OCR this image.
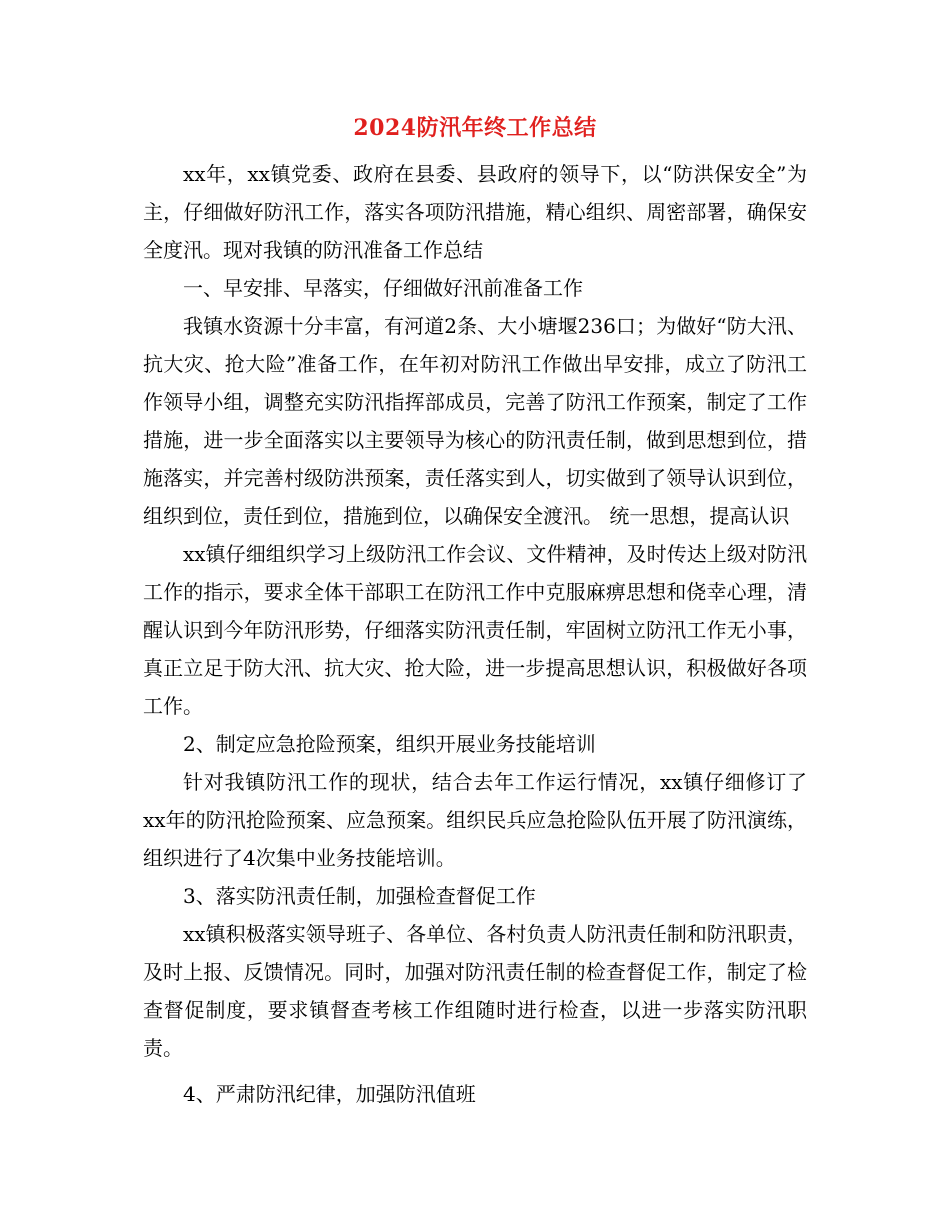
2024防汛年终工作总结

xx年，xx镇党委、政府在县委、县政府的领导下，以“防洪保安全”为主，仔细做好防汛工作，落实各项防汛措施，精心组织、周密部署，确保安全度汛。现对我镇的防汛准备工作总结

一、早安排、早落实，仔细做好汛前准备工作

我镇水资源十分丰富，有河道2条、大小塘堰236口；为做好“防大汛、抗大灾、抢大险”准备工作，在年初对防汛工作做出早安排，成立了防汛工作领导小组，调整充实防汛指挥部成员，完善了防汛工作预案，制定了工作措施，进一步全面落实以主要领导为核心的防汛责任制，做到思想到位，措施落实，并完善村级防洪预案，责任落实到人，切实做到了领导认识到位，组织到位，责任到位，措施到位，以确保安全渡汛。 统一思想，提高认识

xx镇仔细组织学习上级防汛工作会议、文件精神，及时传达上级对防汛工作的指示，要求全体干部职工在防汛工作中克服麻痹思想和侥幸心理，清醒认识到今年防汛形势，仔细落实防汛责任制，牢固树立防汛工作无小事，真正立足于防大汛、抗大灾、抢大险，进一步提高思想认识，积极做好各项工作。

2、制定应急抢险预案，组织开展业务技能培训

针对我镇防汛工作的现状，结合去年工作运行情况，xx镇仔细修订了xx年的防汛抢险预案、应急预案。组织民兵应急抢险队伍开展了防汛演练，组织进行了4次集中业务技能培训。

3、落实防汛责任制，加强检查督促工作

xx镇积极落实领导班子、各单位、各村负责人防汛责任制和防汛职责，及时上报、反馈情况。同时，加强对防汛责任制的检查督促工作，制定了检查督促制度，要求镇督查考核工作组随时进行检查，以进一步落实防汛职责。

4、严肃防汛纪律，加强防汛值班
